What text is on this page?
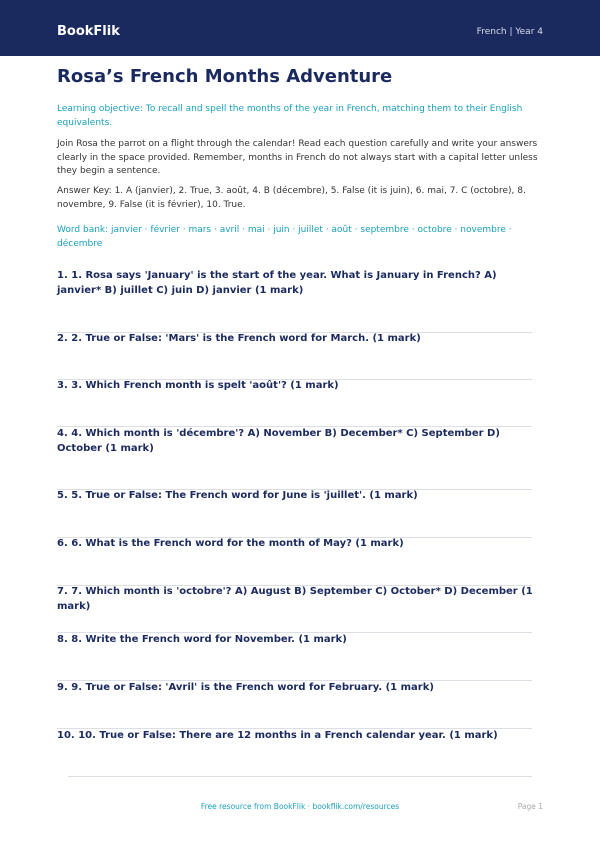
BookFlik	French | Year 4
Rosa’s French Months Adventure

Learning objective: To recall and spell the months of the year in French, matching them to their English equivalents.

Join Rosa the parrot on a flight through the calendar! Read each question carefully and write your answers clearly in the space provided. Remember, months in French do not always start with a capital letter unless they begin a sentence.

Answer Key: 1. A (janvier), 2. True, 3. août, 4. B (décembre), 5. False (it is juin), 6. mai, 7. C (octobre), 8. novembre, 9. False (it is février), 10. True.

Word bank: janvier · février · mars · avril · mai · juin · juillet · août · septembre · octobre · novembre · décembre

1. 1. Rosa says 'January' is the start of the year. What is January in French? A) janvier* B) juillet C) juin D) janvier (1 mark)

2. 2. True or False: 'Mars' is the French word for March. (1 mark)

3. 3. Which French month is spelt 'août'? (1 mark)

4. 4. Which month is 'décembre'? A) November B) December* C) September D) October (1 mark)

5. 5. True or False: The French word for June is 'juillet'. (1 mark)

6. 6. What is the French word for the month of May? (1 mark)

7. 7. Which month is 'octobre'? A) August B) September C) October* D) December (1 mark)

8. 8. Write the French word for November. (1 mark)

9. 9. True or False: 'Avril' is the French word for February. (1 mark)

10. 10. True or False: There are 12 months in a French calendar year. (1 mark)

Free resource from BookFlik · bookflik.com/resources	Page 1
